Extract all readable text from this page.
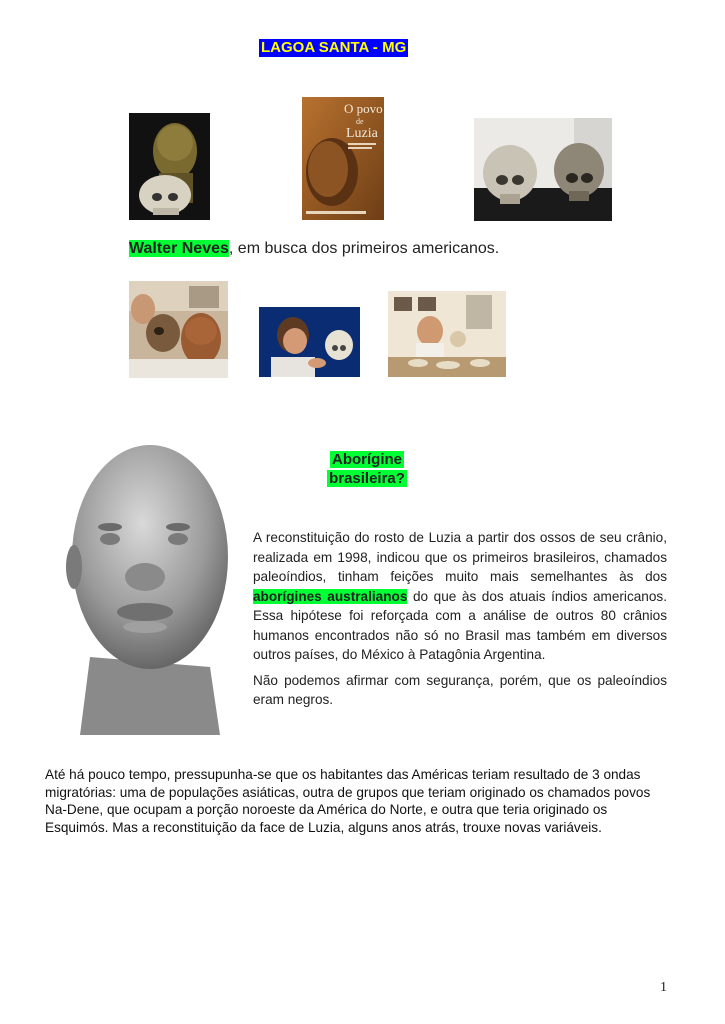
LAGOA SANTA - MG
O povo
de
Luzia
Walter Neves, em busca dos primeiros americanos.
Aborígine
brasileira?

A reconstituição do rosto de Luzia a partir dos ossos de seu crânio, realizada em 1998, indicou que os primeiros brasileiros, chamados paleoíndios, tinham feições muito mais semelhantes às dos aborígines australianos do que às dos atuais índios americanos. Essa hipótese foi reforçada com a análise de outros 80 crânios humanos encontrados não só no Brasil mas também em diversos outros países, do México à Patagônia Argentina.

Não podemos afirmar com segurança, porém, que os paleoíndios eram negros.

Até há pouco tempo, pressupunha-se que os habitantes das Américas teriam resultado de 3 ondas migratórias: uma de populações asiáticas, outra de grupos que teriam originado os chamados povos Na-Dene, que ocupam a porção noroeste da América do Norte, e outra que teria originado os Esquimós. Mas a reconstituição da face de Luzia, alguns anos atrás, trouxe novas variáveis.
1
